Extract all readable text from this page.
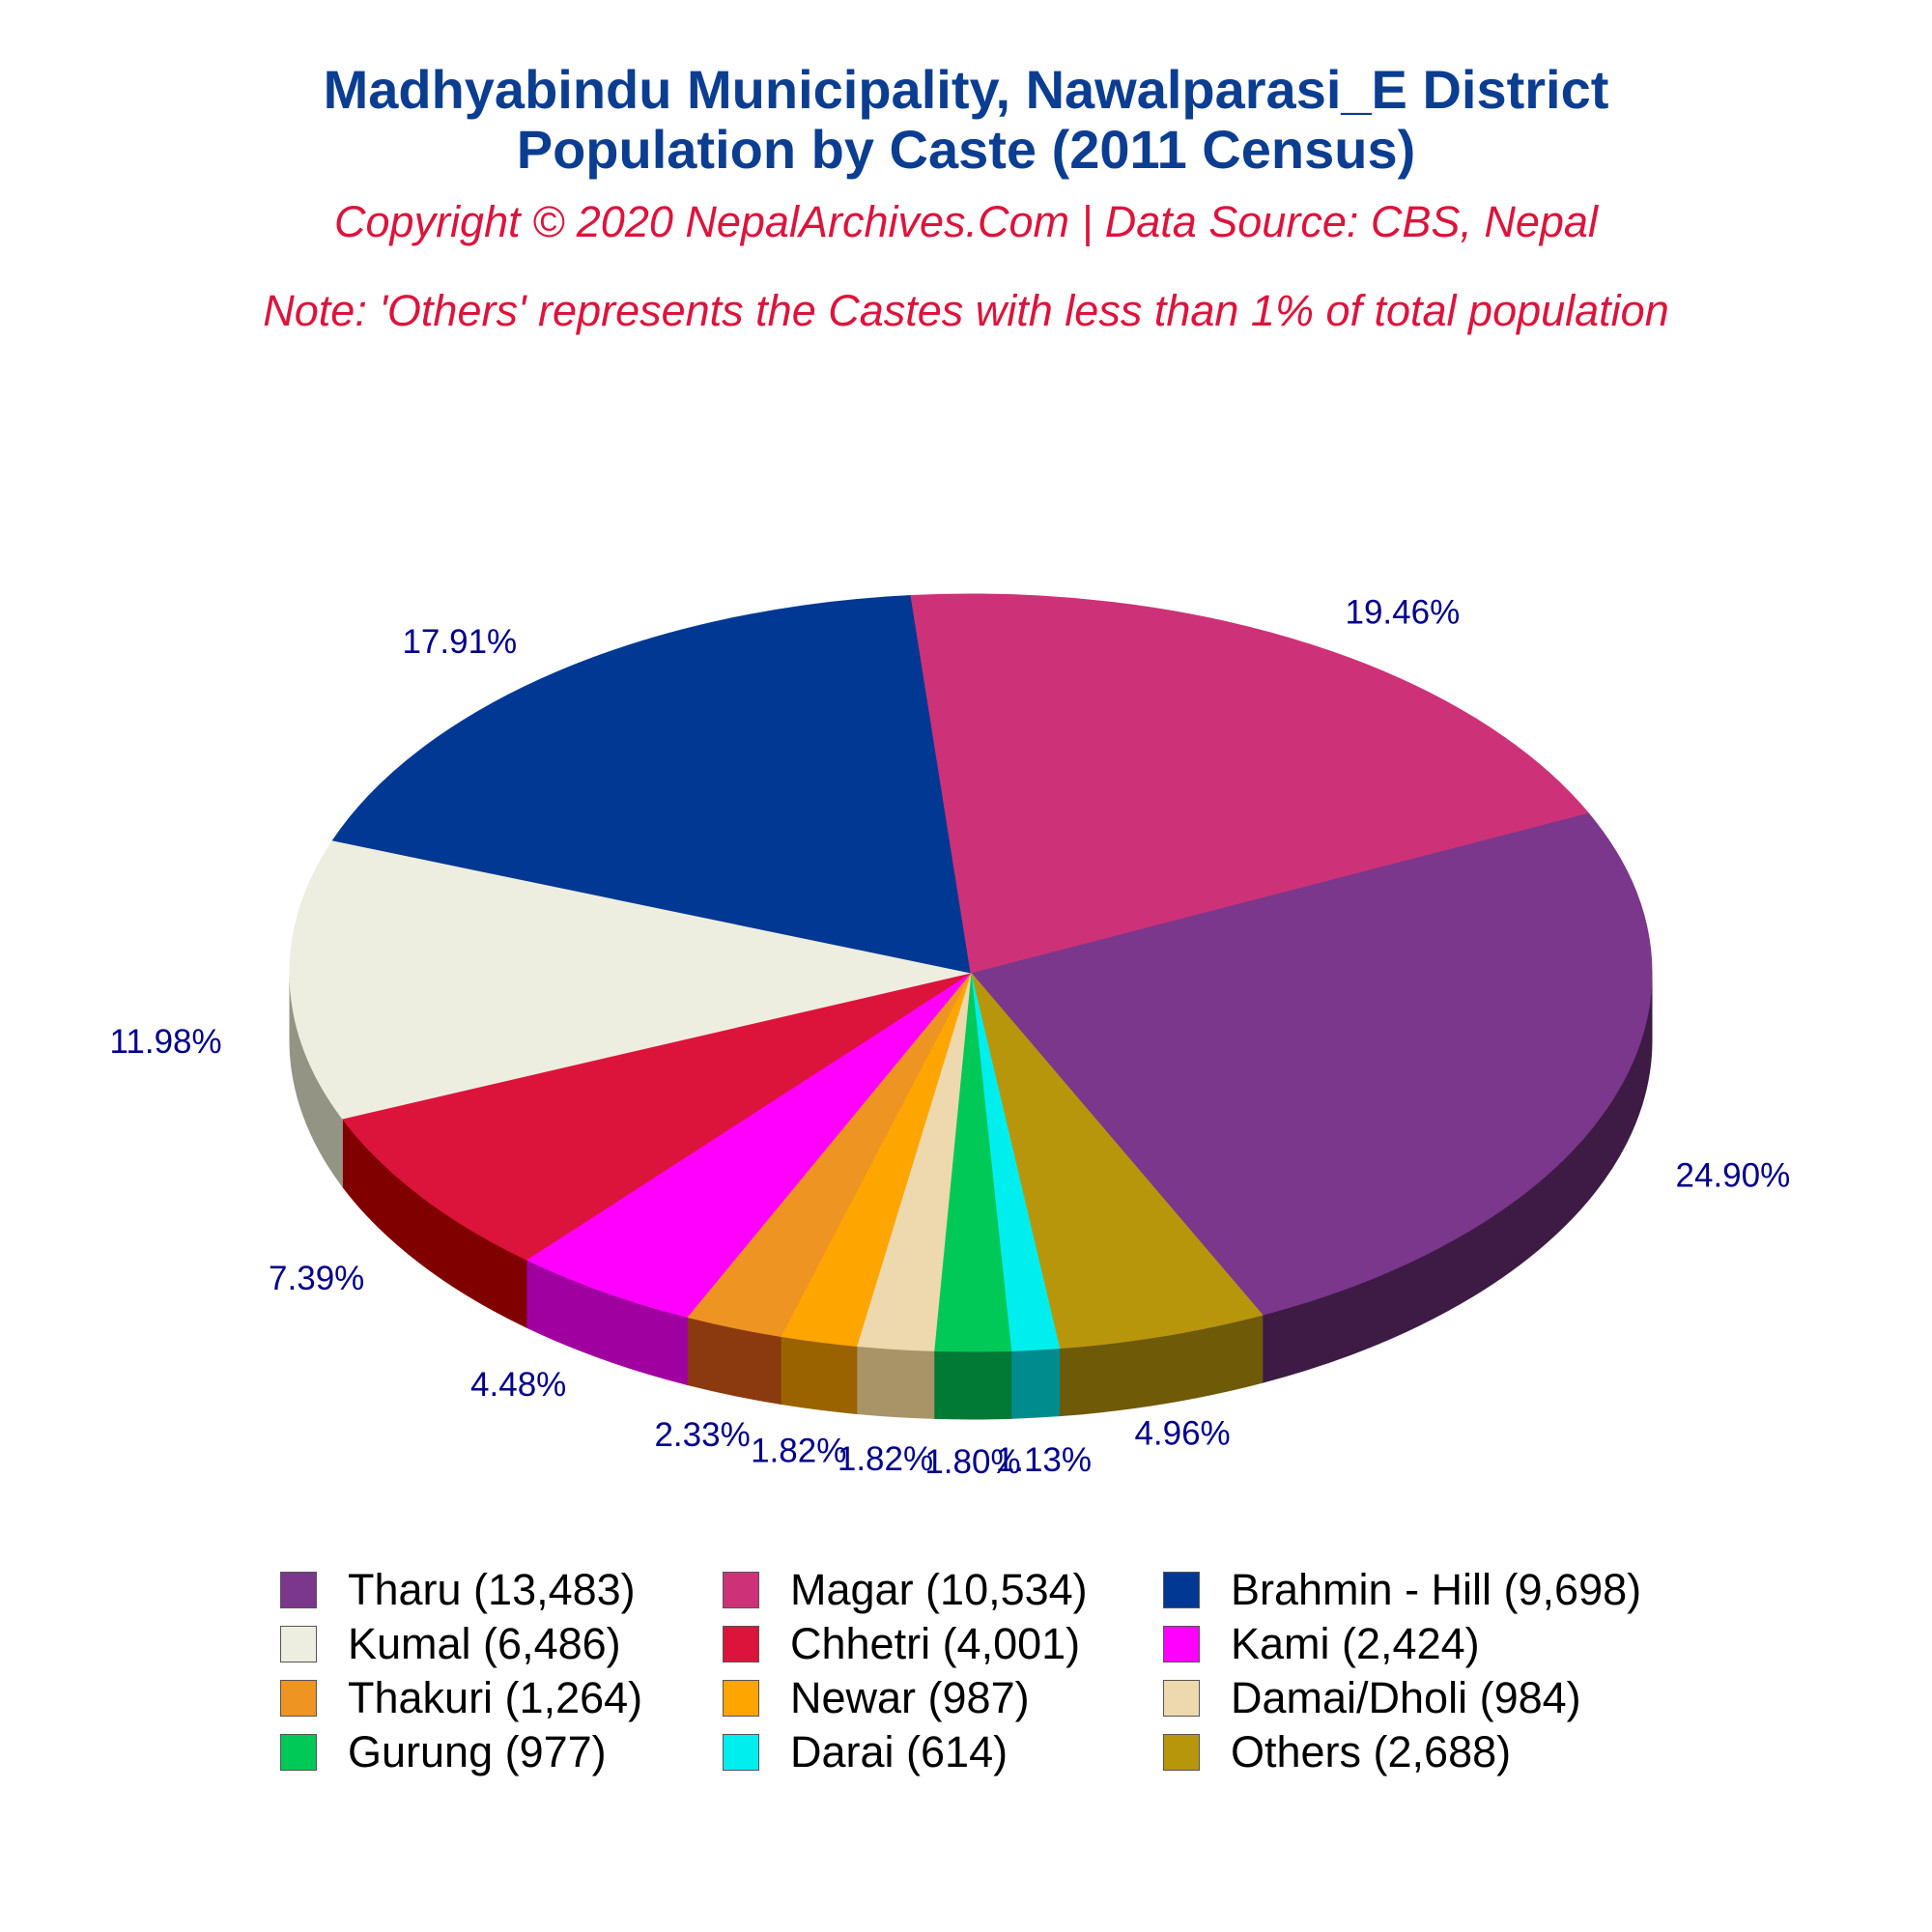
Madhyabindu Municipality, Nawalparasi_E District
Population by Caste (2011 Census)
Copyright © 2020 NepalArchives.Com | Data Source: CBS, Nepal
Note: 'Others' represents the Castes with less than 1% of total population
24.90%
4.96%
1.13%
1.80%
1.82%
1.82%
2.33%
4.48%
7.39%
11.98%
17.91%
19.46%
Tharu (13,483)	Magar (10,534)	Brahmin - Hill (9,698)
Kumal (6,486)	Chhetri (4,001)	Kami (2,424)
Thakuri (1,264)	Newar (987)	Damai/Dholi (984)
Gurung (977)	Darai (614)	Others (2,688)
